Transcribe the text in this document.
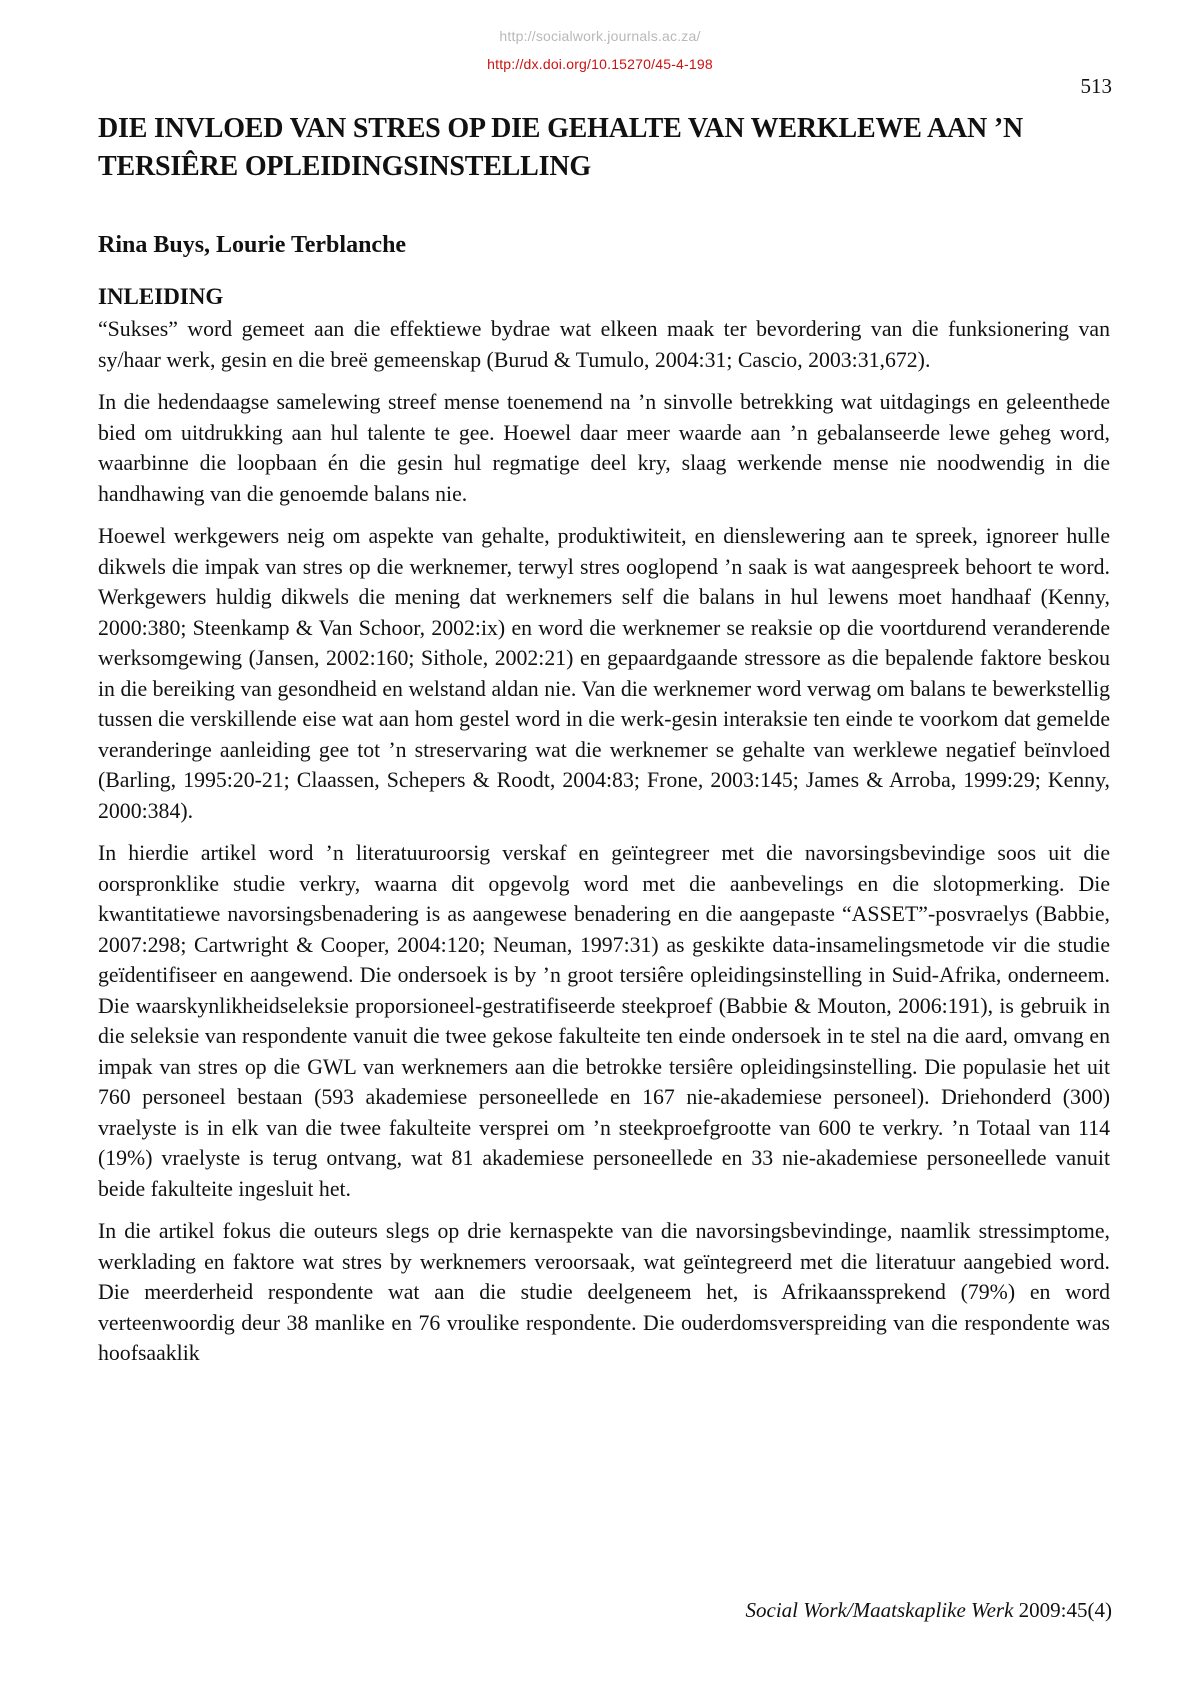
http://socialwork.journals.ac.za/
http://dx.doi.org/10.15270/45-4-198
513
DIE INVLOED VAN STRES OP DIE GEHALTE VAN WERKLEWE AAN ’N TERSIÊRE OPLEIDINGSINSTELLING

Rina Buys, Lourie Terblanche

INLEIDING

“Sukses” word gemeet aan die effektiewe bydrae wat elkeen maak ter bevordering van die funksionering van sy/haar werk, gesin en die breë gemeenskap (Burud & Tumulo, 2004:31; Cascio, 2003:31,672).

In die hedendaagse samelewing streef mense toenemend na ’n sinvolle betrekking wat uitdagings en geleenthede bied om uitdrukking aan hul talente te gee. Hoewel daar meer waarde aan ’n gebalanseerde lewe geheg word, waarbinne die loopbaan én die gesin hul regmatige deel kry, slaag werkende mense nie noodwendig in die handhawing van die genoemde balans nie.

Hoewel werkgewers neig om aspekte van gehalte, produktiwiteit, en dienslewering aan te spreek, ignoreer hulle dikwels die impak van stres op die werknemer, terwyl stres ooglopend ’n saak is wat aangespreek behoort te word. Werkgewers huldig dikwels die mening dat werknemers self die balans in hul lewens moet handhaaf (Kenny, 2000:380; Steenkamp & Van Schoor, 2002:ix) en word die werknemer se reaksie op die voortdurend veranderende werksomgewing (Jansen, 2002:160; Sithole, 2002:21) en gepaardgaande stressore as die bepalende faktore beskou in die bereiking van gesondheid en welstand aldan nie. Van die werknemer word verwag om balans te bewerkstellig tussen die verskillende eise wat aan hom gestel word in die werk-gesin interaksie ten einde te voorkom dat gemelde veranderinge aanleiding gee tot ’n streservaring wat die werknemer se gehalte van werklewe negatief beïnvloed (Barling, 1995:20-21; Claassen, Schepers & Roodt, 2004:83; Frone, 2003:145; James & Arroba, 1999:29; Kenny, 2000:384).

In hierdie artikel word ’n literatuuroorsig verskaf en geïntegreer met die navorsingsbevindige soos uit die oorspronklike studie verkry, waarna dit opgevolg word met die aanbevelings en die slotopmerking. Die kwantitatiewe navorsingsbenadering is as aangewese benadering en die aangepaste “ASSET”-posvraelys (Babbie, 2007:298; Cartwright & Cooper, 2004:120; Neuman, 1997:31) as geskikte data-insamelingsmetode vir die studie geïdentifiseer en aangewend. Die ondersoek is by ’n groot tersiêre opleidingsinstelling in Suid-Afrika, onderneem. Die waarskynlikheidseleksie proporsioneel-gestratifiseerde steekproef (Babbie & Mouton, 2006:191), is gebruik in die seleksie van respondente vanuit die twee gekose fakulteite ten einde ondersoek in te stel na die aard, omvang en impak van stres op die GWL van werknemers aan die betrokke tersiêre opleidingsinstelling. Die populasie het uit 760 personeel bestaan (593 akademiese personeellede en 167 nie-akademiese personeel). Driehonderd (300) vraelyste is in elk van die twee fakulteite versprei om ’n steekproefgrootte van 600 te verkry. ’n Totaal van 114 (19%) vraelyste is terug ontvang, wat 81 akademiese personeellede en 33 nie-akademiese personeellede vanuit beide fakulteite ingesluit het.

In die artikel fokus die outeurs slegs op drie kernaspekte van die navorsingsbevindinge, naamlik stressimptome, werklading en faktore wat stres by werknemers veroorsaak, wat geïntegreerd met die literatuur aangebied word. Die meerderheid respondente wat aan die studie deelgeneem het, is Afrikaanssprekend (79%) en word verteenwoordig deur 38 manlike en 76 vroulike respondente. Die ouderdomsverspreiding van die respondente was hoofsaaklik

Social Work/Maatskaplike Werk 2009:45(4)
